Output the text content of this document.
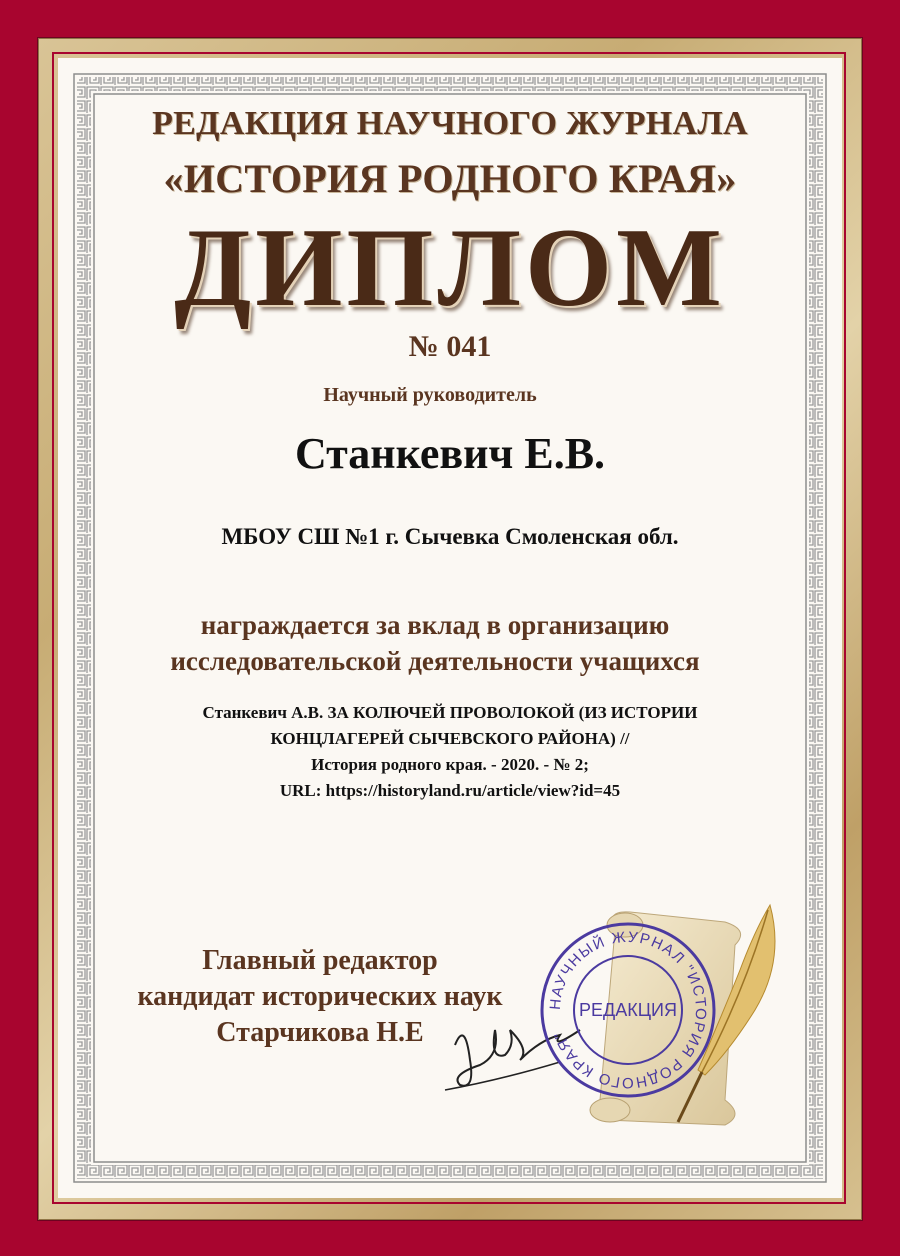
РЕДАКЦИЯ НАУЧНОГО ЖУРНАЛА
«ИСТОРИЯ РОДНОГО КРАЯ»
ДИПЛОМ
№ 041
Научный руководитель
Станкевич Е.В.
МБОУ СШ №1 г. Сычевка Смоленская обл.
награждается за вклад в организацию
исследовательской деятельности учащихся
Станкевич А.В. ЗА КОЛЮЧЕЙ ПРОВОЛОКОЙ (ИЗ ИСТОРИИ
КОНЦЛАГЕРЕЙ СЫЧЕВСКОГО РАЙОНА) //
История родного края. - 2020. - № 2;
URL: https://historyland.ru/article/view?id=45
Главный редактор
кандидат исторических наук
Старчикова Н.Е
НАУЧНЫЙ ЖУРНАЛ "ИСТОРИЯ РОДНОГО КРАЯ"
РЕДАКЦИЯ
